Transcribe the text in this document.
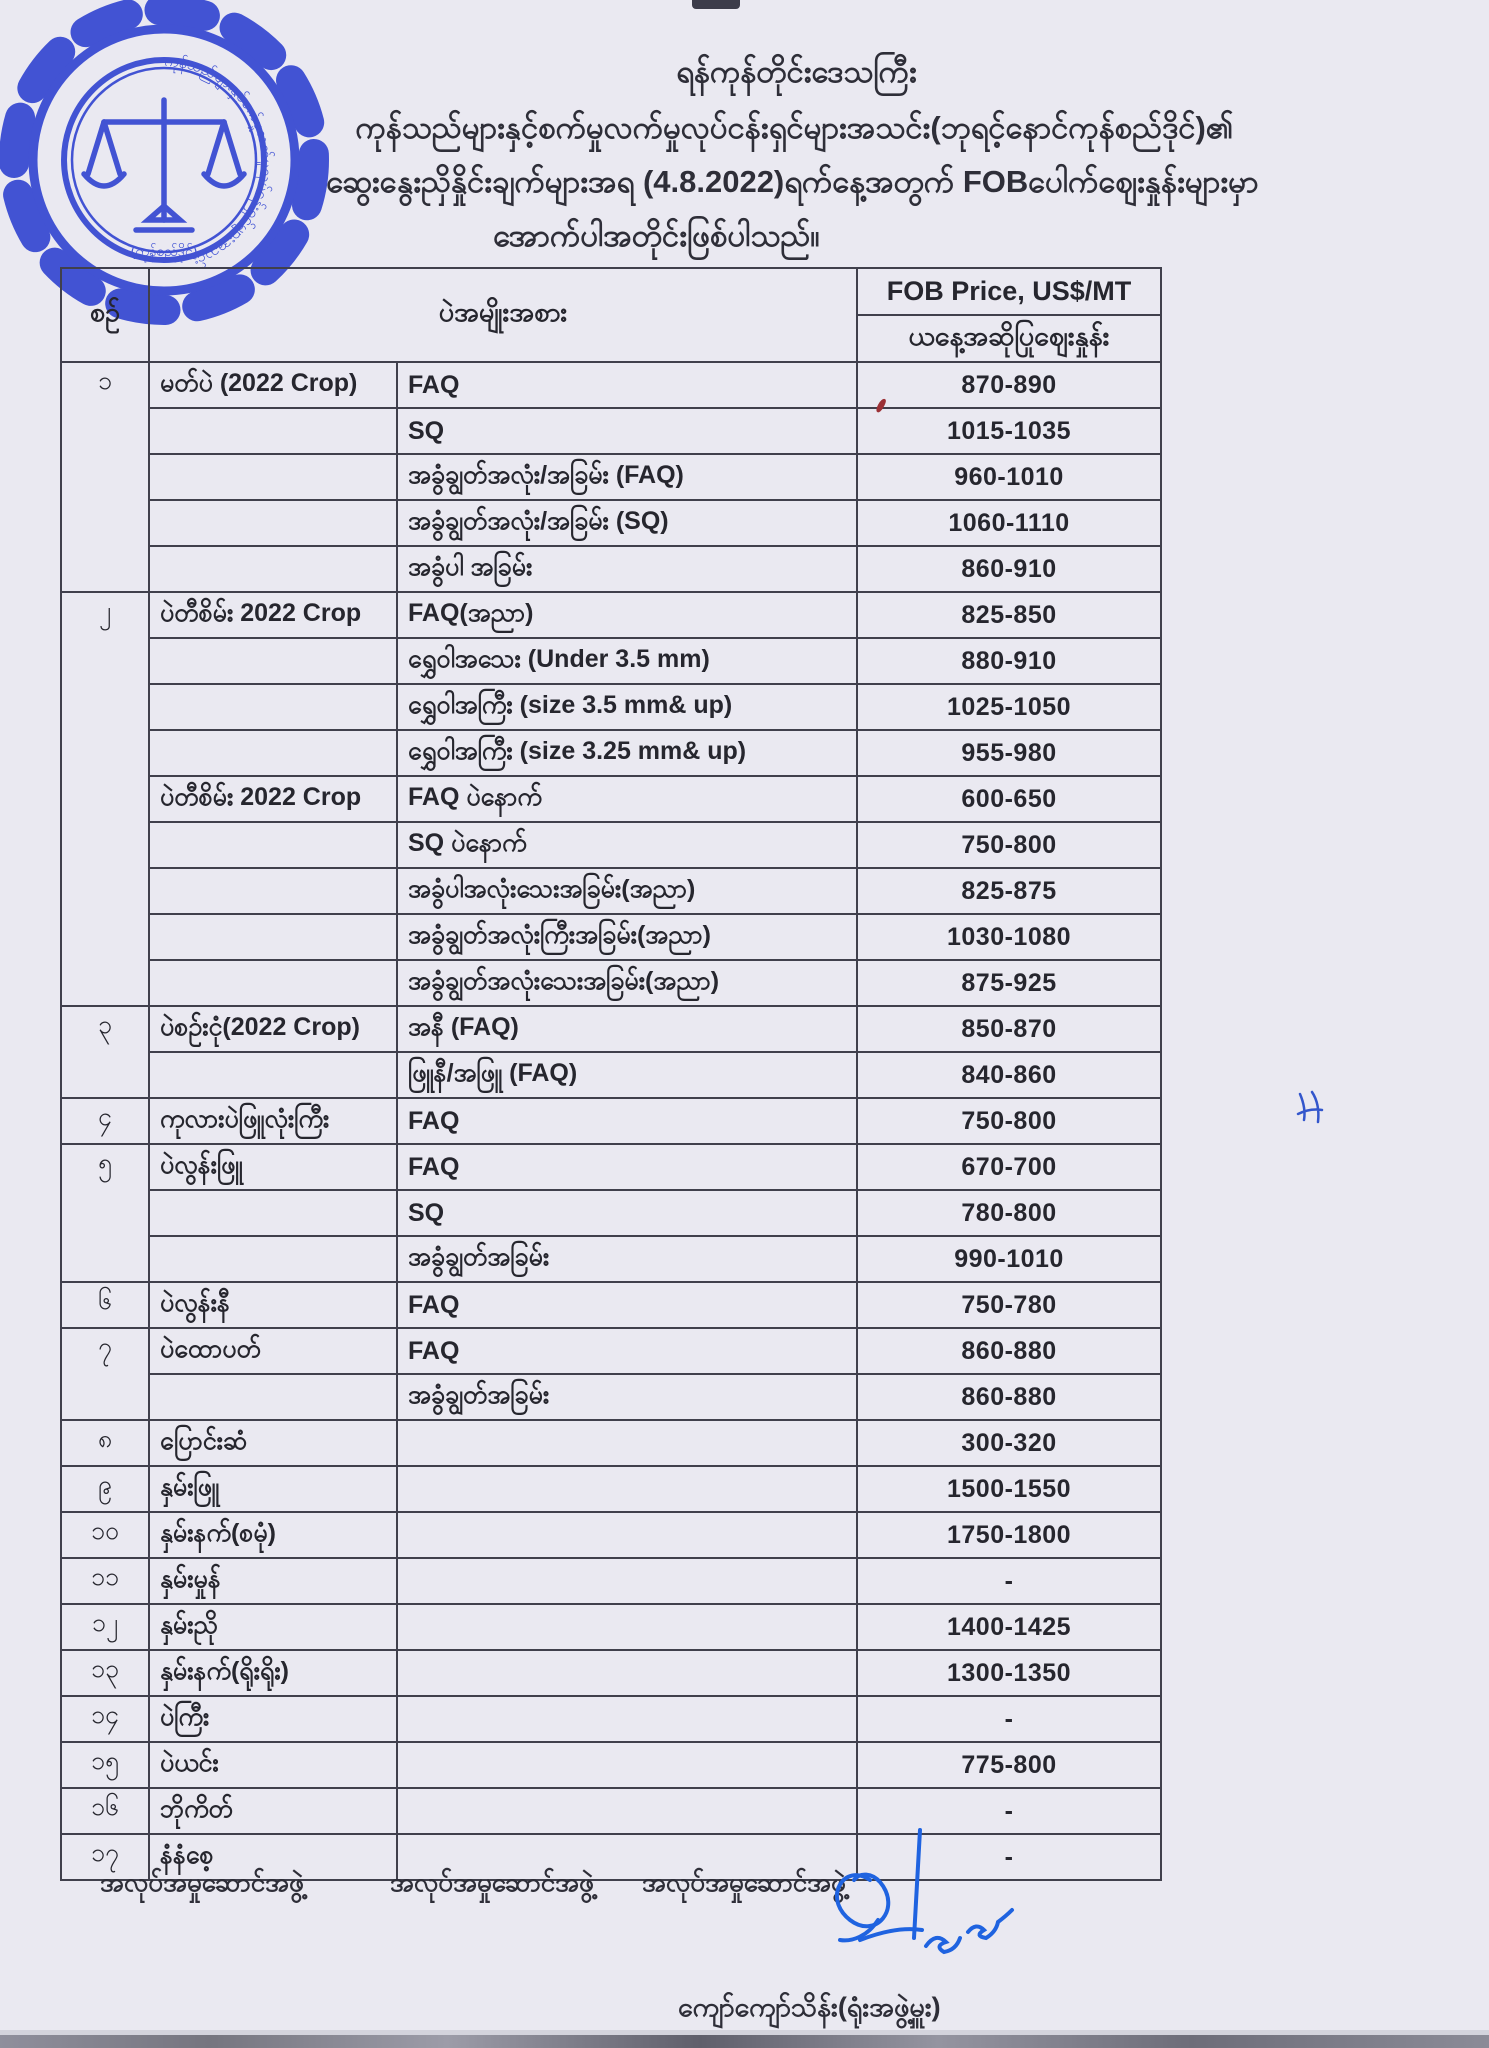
ကုန်သည်များနှင့်စက်မှုလက်မှုလုပ်ငန်းရှင်များအသင်း
(ကုန်စည်ဒိုင်)
ရန်ကုန်တိုင်းဒေသကြီး
ကုန်သည်များနှင့်စက်မှုလက်မှုလုပ်ငန်းရှင်များအသင်း(ဘုရင့်နောင်ကုန်စည်ဒိုင်)၏
ဆွေးနွေးညှိနှိုင်းချက်များအရ (4.8.2022)ရက်နေ့အတွက် FOBပေါက်ဈေးနှုန်းများမှာ
အောက်ပါအတိုင်းဖြစ်ပါသည်။
စဉ်	ပဲအမျိုးအစား		FOB Price, US$/MT
			ယနေ့အဆိုပြုဈေးနှုန်း
၁	မတ်ပဲ (2022 Crop)	FAQ	870-890
		SQ	1015-1035
		အခွံချွတ်အလုံး/အခြမ်း (FAQ)	960-1010
		အခွံချွတ်အလုံး/အခြမ်း (SQ)	1060-1110
		အခွံပါ အခြမ်း	860-910
၂	ပဲတီစိမ်း 2022 Crop	FAQ(အညာ)	825-850
		ရွှေဝါအသေး (Under 3.5 mm)	880-910
		ရွှေဝါအကြီး (size 3.5 mm& up)	1025-1050
		ရွှေဝါအကြီး (size 3.25 mm& up)	955-980
	ပဲတီစိမ်း 2022 Crop	FAQ ပဲနောက်	600-650
		SQ ပဲနောက်	750-800
		အခွံပါအလုံးသေးအခြမ်း(အညာ)	825-875
		အခွံချွတ်အလုံးကြီးအခြမ်း(အညာ)	1030-1080
		အခွံချွတ်အလုံးသေးအခြမ်း(အညာ)	875-925
၃	ပဲစဉ်းငုံ(2022 Crop)	အနီ (FAQ)	850-870
		ဖြူနီ/အဖြူ (FAQ)	840-860
၄	ကုလားပဲဖြူလုံးကြီး	FAQ	750-800
၅	ပဲလွန်းဖြူ	FAQ	670-700
		SQ	780-800
		အခွံချွတ်အခြမ်း	990-1010
၆	ပဲလွန်းနီ	FAQ	750-780
၇	ပဲထောပတ်	FAQ	860-880
		အခွံချွတ်အခြမ်း	860-880
၈	ပြောင်းဆံ		300-320
၉	နှမ်းဖြူ		1500-1550
၁၀	နှမ်းနက်(စမုံ)		1750-1800
၁၁	နှမ်းမှုန်		-
၁၂	နှမ်းညို		1400-1425
၁၃	နှမ်းနက်(ရိုးရိုး)		1300-1350
၁၄	ပဲကြီး		-
၁၅	ပဲယင်း		775-800
၁၆	ဘိုကိတ်		-
၁၇	နံနံစေ့		-
အလုပ်အမှုဆောင်အဖွဲ့	အလုပ်အမှုဆောင်အဖွဲ့ အလုပ်အမှုဆောင်အဖွဲ့
ကျော်ကျော်သိန်း(ရုံးအဖွဲ့မှူး)
